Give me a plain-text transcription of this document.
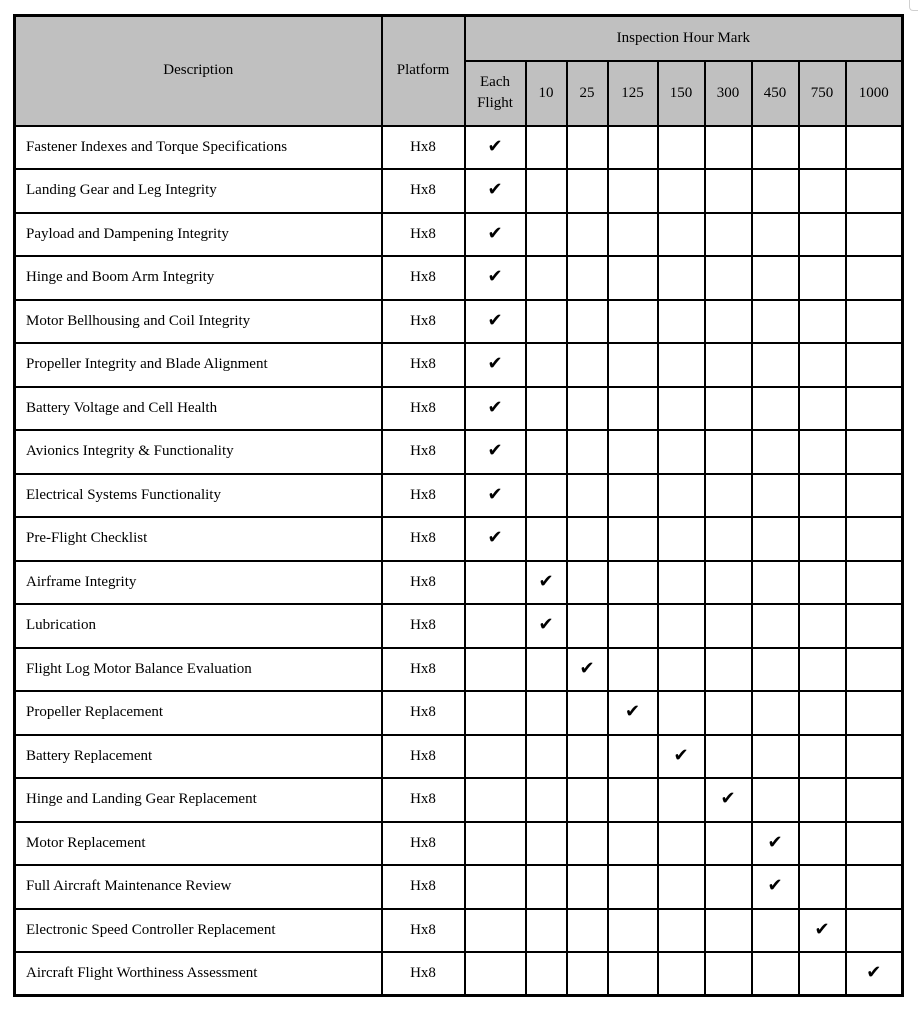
Description	Platform	Inspection Hour Mark								
		Each Flight	10	25	125	150	300	450	750	1000
Fastener Indexes and Torque Specifications	Hx8	✔								
Landing Gear and Leg Integrity	Hx8	✔								
Payload and Dampening Integrity	Hx8	✔								
Hinge and Boom Arm Integrity	Hx8	✔								
Motor Bellhousing and Coil Integrity	Hx8	✔								
Propeller Integrity and Blade Alignment	Hx8	✔								
Battery Voltage and Cell Health	Hx8	✔								
Avionics Integrity & Functionality	Hx8	✔								
Electrical Systems Functionality	Hx8	✔								
Pre-Flight Checklist	Hx8	✔								
Airframe Integrity	Hx8		✔							
Lubrication	Hx8		✔							
Flight Log Motor Balance Evaluation	Hx8			✔						
Propeller Replacement	Hx8				✔					
Battery Replacement	Hx8					✔				
Hinge and Landing Gear Replacement	Hx8						✔			
Motor Replacement	Hx8							✔		
Full Aircraft Maintenance Review	Hx8							✔		
Electronic Speed Controller Replacement	Hx8								✔	
Aircraft Flight Worthiness Assessment	Hx8									✔
